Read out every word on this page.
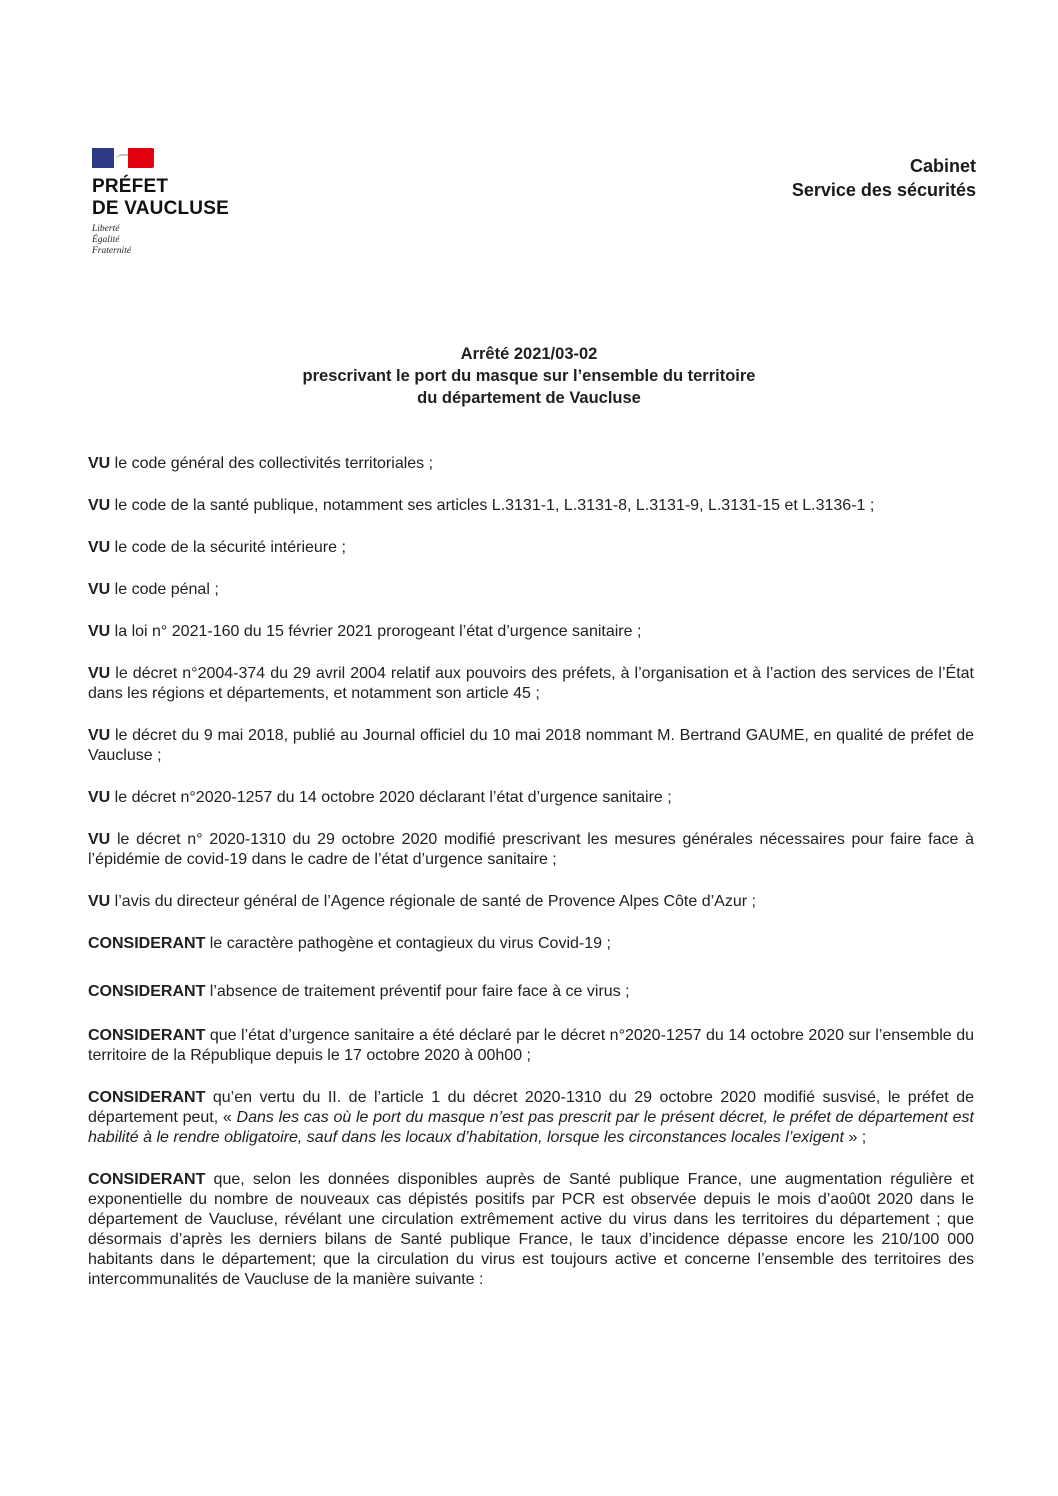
PRÉFET
DE VAUCLUSE
Liberté
Égalité
Fraternité
Cabinet
Service des sécurités
Arrêté 2021/03-02
prescrivant le port du masque sur l’ensemble du territoire
du département de Vaucluse

VU le code général des collectivités territoriales ;

VU le code de la santé publique, notamment ses articles L.3131-1, L.3131-8, L.3131-9, L.3131-15 et L.3136-1 ;

VU le code de la sécurité intérieure ;

VU le code pénal ;

VU la loi n° 2021-160 du 15 février 2021 prorogeant l’état d’urgence sanitaire ;

VU le décret n°2004-374 du 29 avril 2004 relatif aux pouvoirs des préfets, à l’organisation et à l’action des services de l’État dans les régions et départements, et notamment son article 45 ;

VU le décret du 9 mai 2018, publié au Journal officiel du 10 mai 2018 nommant M. Bertrand GAUME, en qualité de préfet de Vaucluse ;

VU le décret n°2020-1257 du 14 octobre 2020 déclarant l’état d’urgence sanitaire ;

VU le décret n° 2020-1310 du 29 octobre 2020 modifié prescrivant les mesures générales nécessaires pour faire face à l’épidémie de covid-19 dans le cadre de l’état d’urgence sanitaire ;

VU l’avis du directeur général de l’Agence régionale de santé de Provence Alpes Côte d’Azur ;

CONSIDERANT le caractère pathogène et contagieux du virus Covid-19 ;

CONSIDERANT l’absence de traitement préventif pour faire face à ce virus ;

CONSIDERANT que l’état d’urgence sanitaire a été déclaré par le décret n°2020-1257 du 14 octobre 2020 sur l’ensemble du territoire de la République depuis le 17 octobre 2020 à 00h00 ;

CONSIDERANT qu’en vertu du II. de l’article 1 du décret 2020-1310 du 29 octobre 2020 modifié susvisé, le préfet de département peut, « Dans les cas où le port du masque n’est pas prescrit par le présent décret, le préfet de département est habilité à le rendre obligatoire, sauf dans les locaux d’habitation, lorsque les circonstances locales l’exigent » ;

CONSIDERANT que, selon les données disponibles auprès de Santé publique France, une augmentation régulière et exponentielle du nombre de nouveaux cas dépistés positifs par PCR est observée depuis le mois d’aoû0t 2020 dans le département de Vaucluse, révélant une circulation extrêmement active du virus dans les territoires du département ; que désormais d’après les derniers bilans de Santé publique France, le taux d’incidence dépasse encore les 210/100 000 habitants dans le département; que la circulation du virus est toujours active et concerne l’ensemble des territoires des intercommunalités de Vaucluse de la manière suivante :
